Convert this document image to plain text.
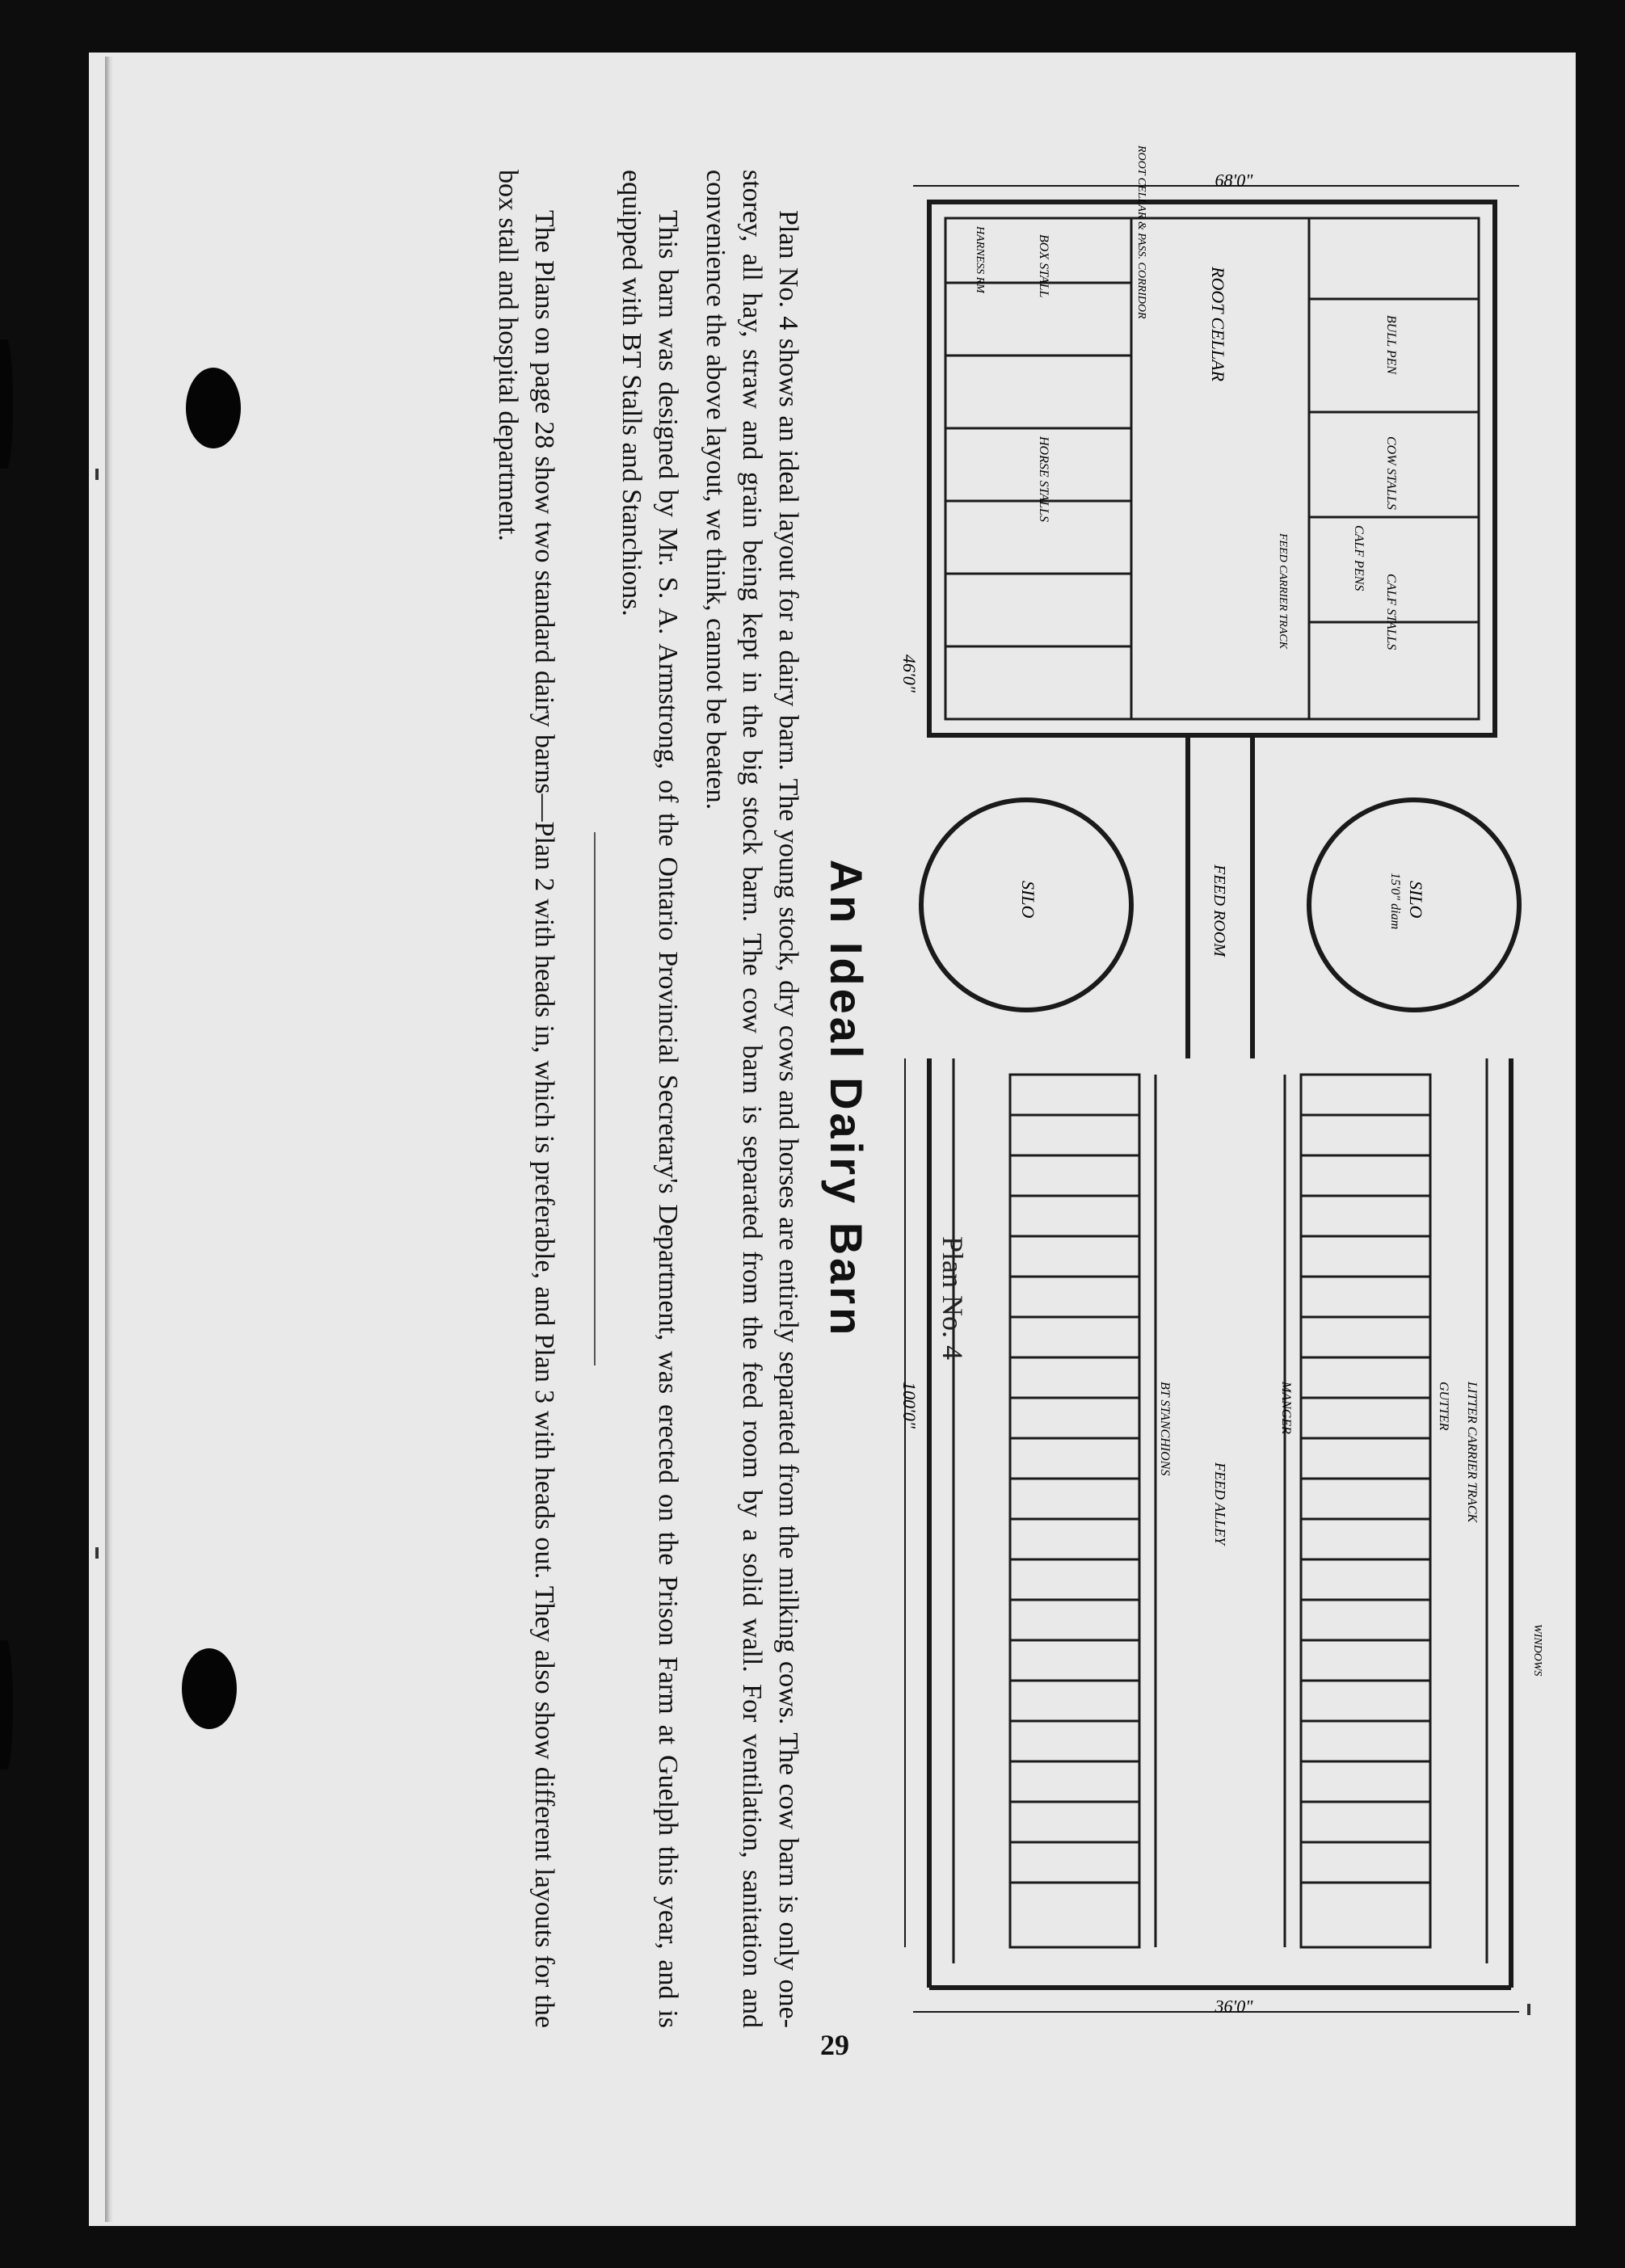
68'0"
36'0"
100'0"
46'0"
SILO
SILO	15'0" diam
FEED ROOM
ROOT CELLAR
ROOT CELLAR & PASS. CORRIDOR
CALF STALLS
COW STALLS
BULL PEN
CALF PENS
HORSE STALLS
BOX STALL
HARNESS RM
FEED ALLEY
MANGER	GUTTER LITTER CARRIER TRACK
FEED CARRIER TRACK
BT STANCHIONS
WINDOWS
Plan No. 4
An Ideal Dairy Barn

Plan No. 4 shows an ideal layout for a dairy barn. The young stock, dry cows and horses are entirely separated from the milking cows. The cow barn is only one-storey, all hay, straw and grain being kept in the big stock barn. The cow barn is separated from the feed room by a solid wall. For ventilation, sanitation and convenience the above layout, we think, cannot be beaten.

This barn was designed by Mr. S. A. Armstrong, of the Ontario Provincial Secretary's Department, was erected on the Prison Farm at Guelph this year, and is equipped with BT Stalls and Stanchions.

The Plans on page 28 show two standard dairy barns—Plan 2 with heads in, which is preferable, and Plan 3 with heads out. They also show different layouts for the box stall and hospital department.

29
